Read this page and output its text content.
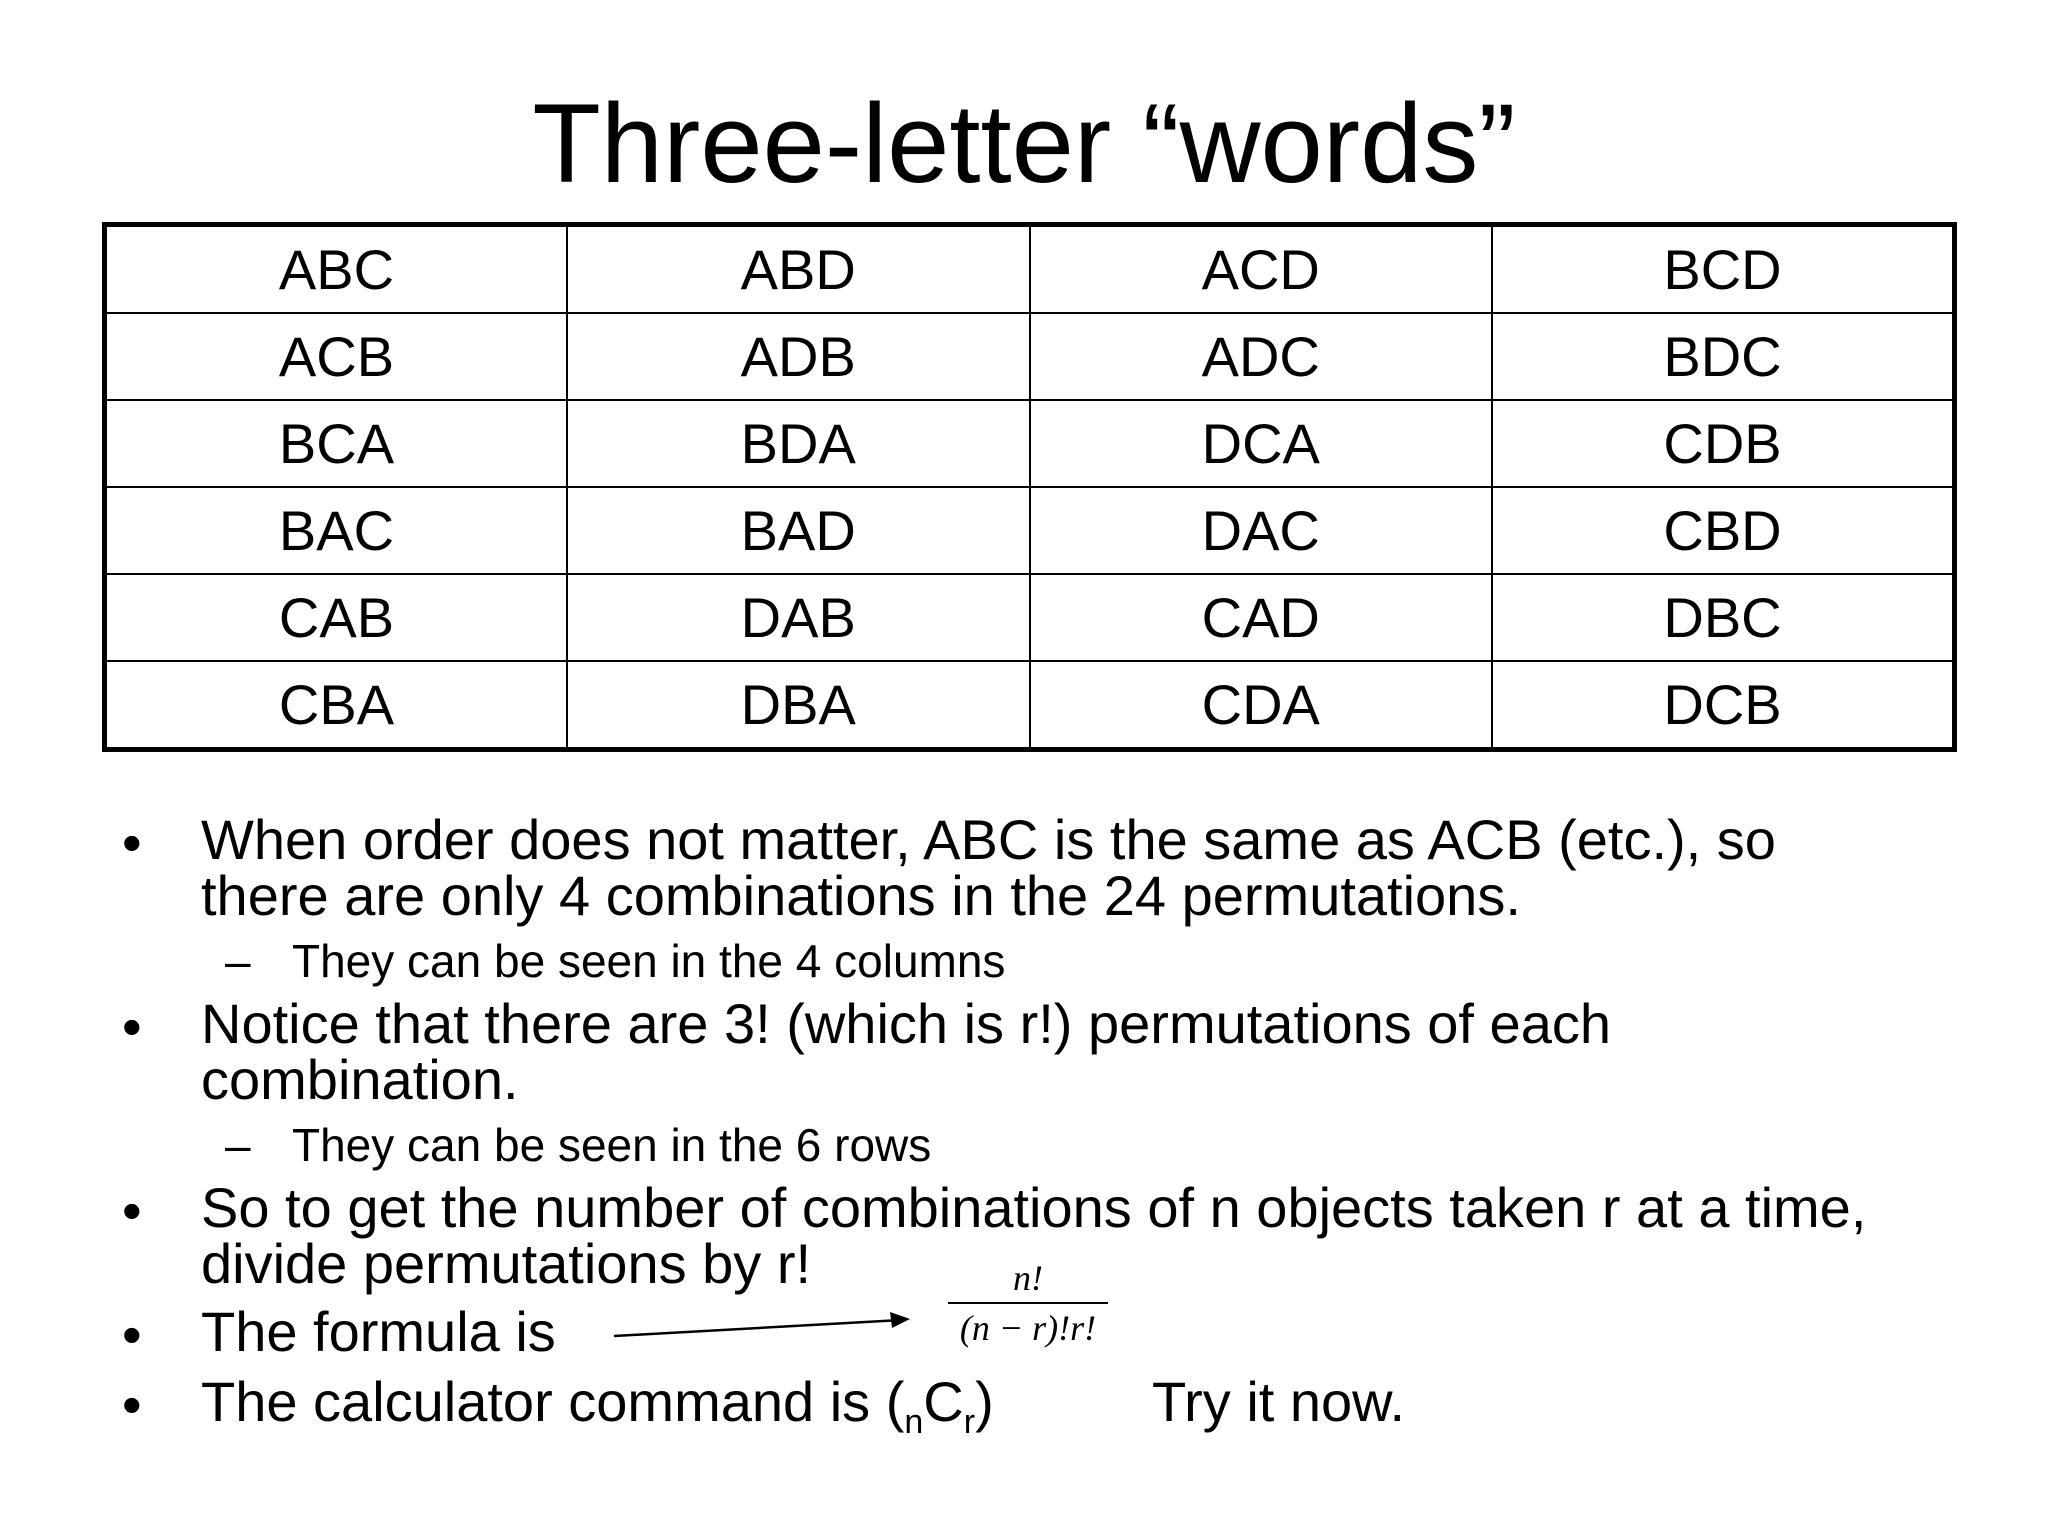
Three-letter “words”
ABC	ABD	ACD	BCD
ACB	ADB	ADC	BDC
BCA	BDA	DCA	CDB
BAC	BAD	DAC	CBD
CAB	DAB	CAD	DBC
CBA	DBA	CDA	DCB
• When order does not matter, ABC is the same as ACB (etc.), so
there are only 4 combinations in the 24 permutations.
– They can be seen in the 4 columns
• Notice that there are 3! (which is r!) permutations of each
combination.
– They can be seen in the 6 rows
• So to get the number of combinations of n objects taken r at a time,
divide permutations by r!
• The formula is
• The calculator command is $(_nC_r)$	Try it now.
n!
(n − r)!r!
